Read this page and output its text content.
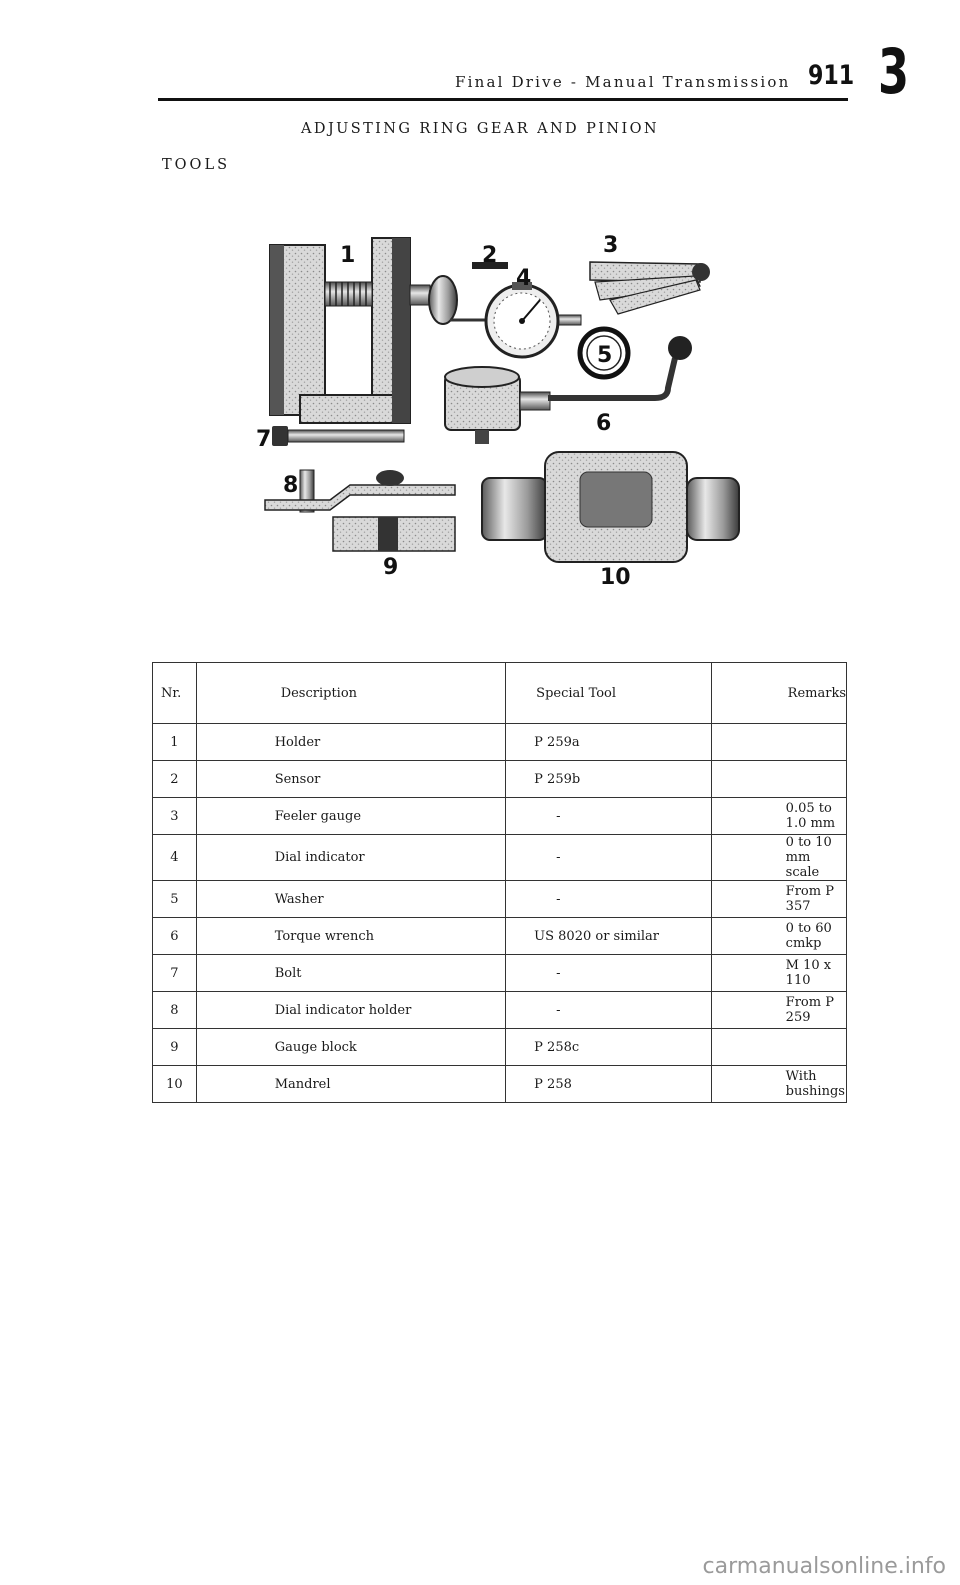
Final Drive - Manual Transmission 911 3
ADJUSTING RING GEAR AND PINION
TOOLS
1	2	3
4
5
6
7
8
9	10
Nr.	Description	Special Tool	Remarks
1	Holder	P 259a	
2	Sensor	P 259b	
3	Feeler gauge	-	0.05 to 1.0 mm
4	Dial indicator	-	0 to 10 mm scale
5	Washer	-	From P 357
6	Torque wrench	US 8020 or similar	0 to 60 cmkp
7	Bolt	-	M 10 x 110
8	Dial indicator holder	-	From P 259
9	Gauge block	P 258c	
10	Mandrel	P 258	With bushings
carmanualsonline.info
